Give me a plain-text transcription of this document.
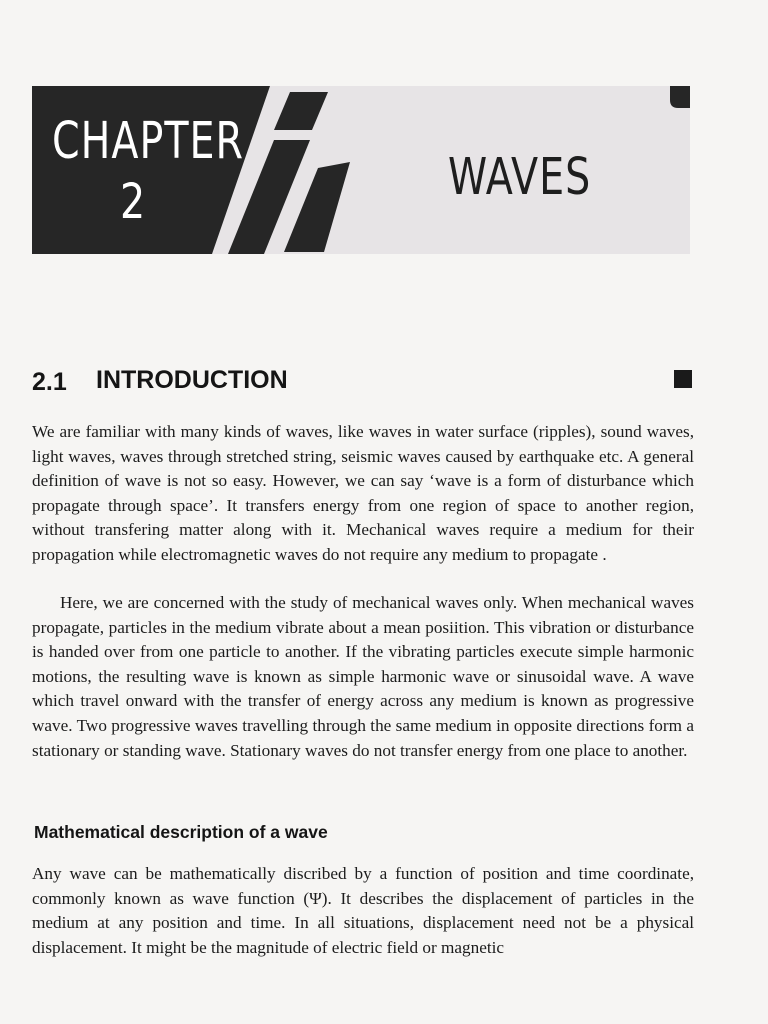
CHAPTER
2	WAVES
2.1 INTRODUCTION

We are familiar with many kinds of waves, like waves in water surface (ripples), sound waves, light waves, waves through stretched string, seismic waves caused by earthquake etc. A general definition of wave is not so easy. However, we can say ‘wave is a form of disturbance which propagate through space’. It transfers energy from one region of space to another region, without transfering matter along with it. Mechanical waves require a medium for their propagation while electromagnetic waves do not require any medium to propagate .

Here, we are concerned with the study of mechanical waves only. When mechanical waves propagate, particles in the medium vibrate about a mean posiition. This vibration or disturbance is handed over from one particle to another. If the vibrating particles execute simple harmonic motions, the resulting wave is known as simple harmonic wave or sinusoidal wave. A wave which travel onward with the transfer of energy across any medium is known as progressive wave. Two progressive waves travelling through the same medium in opposite directions form a stationary or standing wave. Stationary waves do not transfer energy from one place to another.

Mathematical description of a wave

Any wave can be mathematically discribed by a function of position and time coordinate, commonly known as wave function (Ψ). It describes the displacement of particles in the medium at any position and time. In all situations, displacement need not be a physical displacement. It might be the magnitude of electric field or magnetic
